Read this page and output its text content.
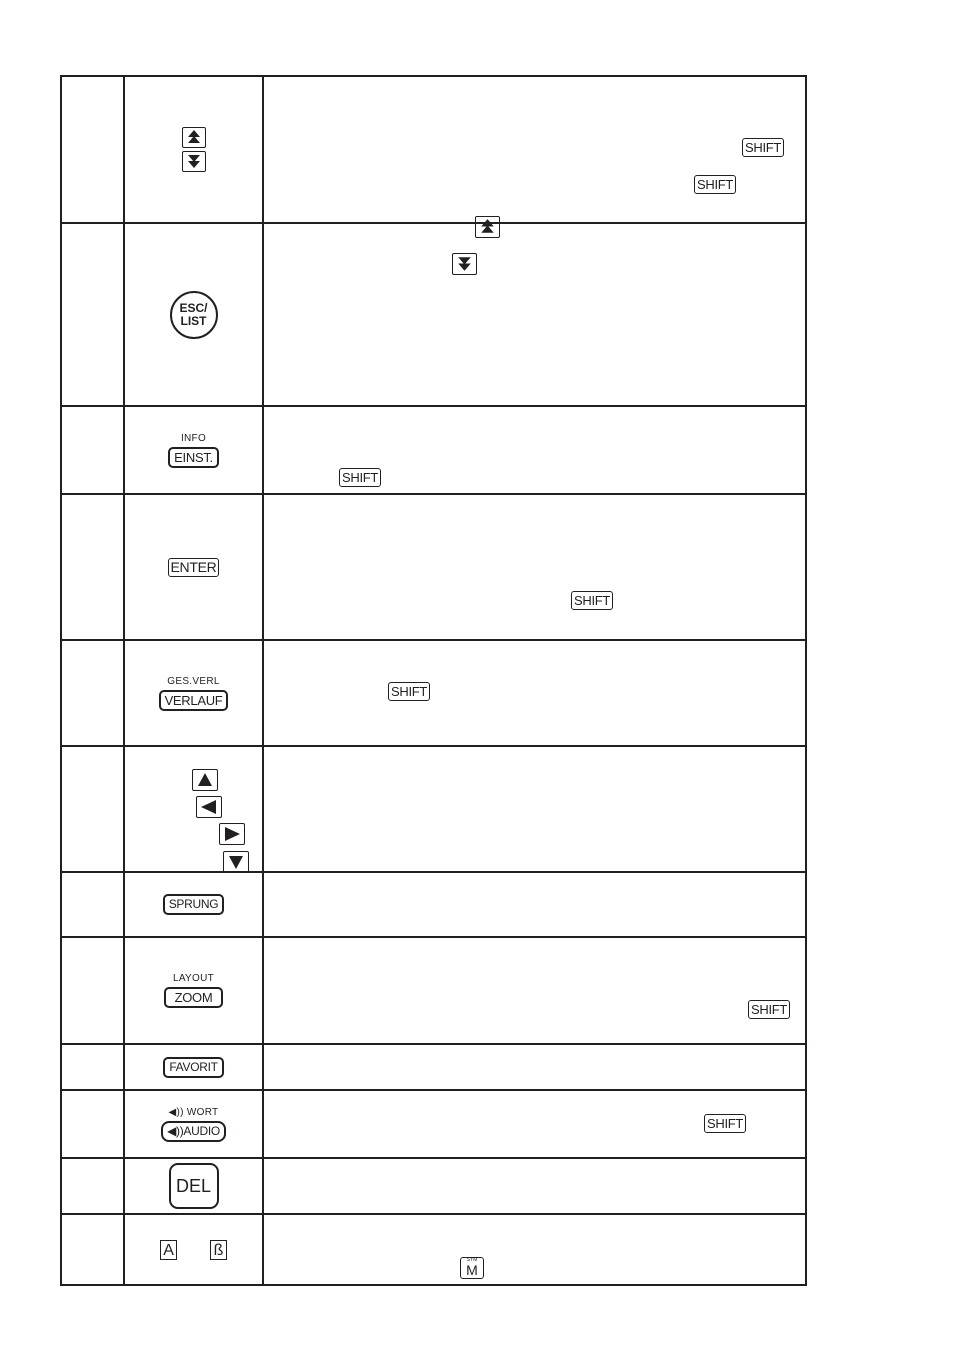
SHIFT

SHIFT

	ESC/
LIST	

	INFO
EINST.	SHIFT

	ENTER	SHIFT

	GES.VERL
VERLAUF	SHIFT

	SPRUNG	

	LAYOUT
ZOOM	SHIFT

	FAVORIT	

	◀)) WORT
◀))AUDIO	SHIFT

	DEL	
	A ß	SYM
M
